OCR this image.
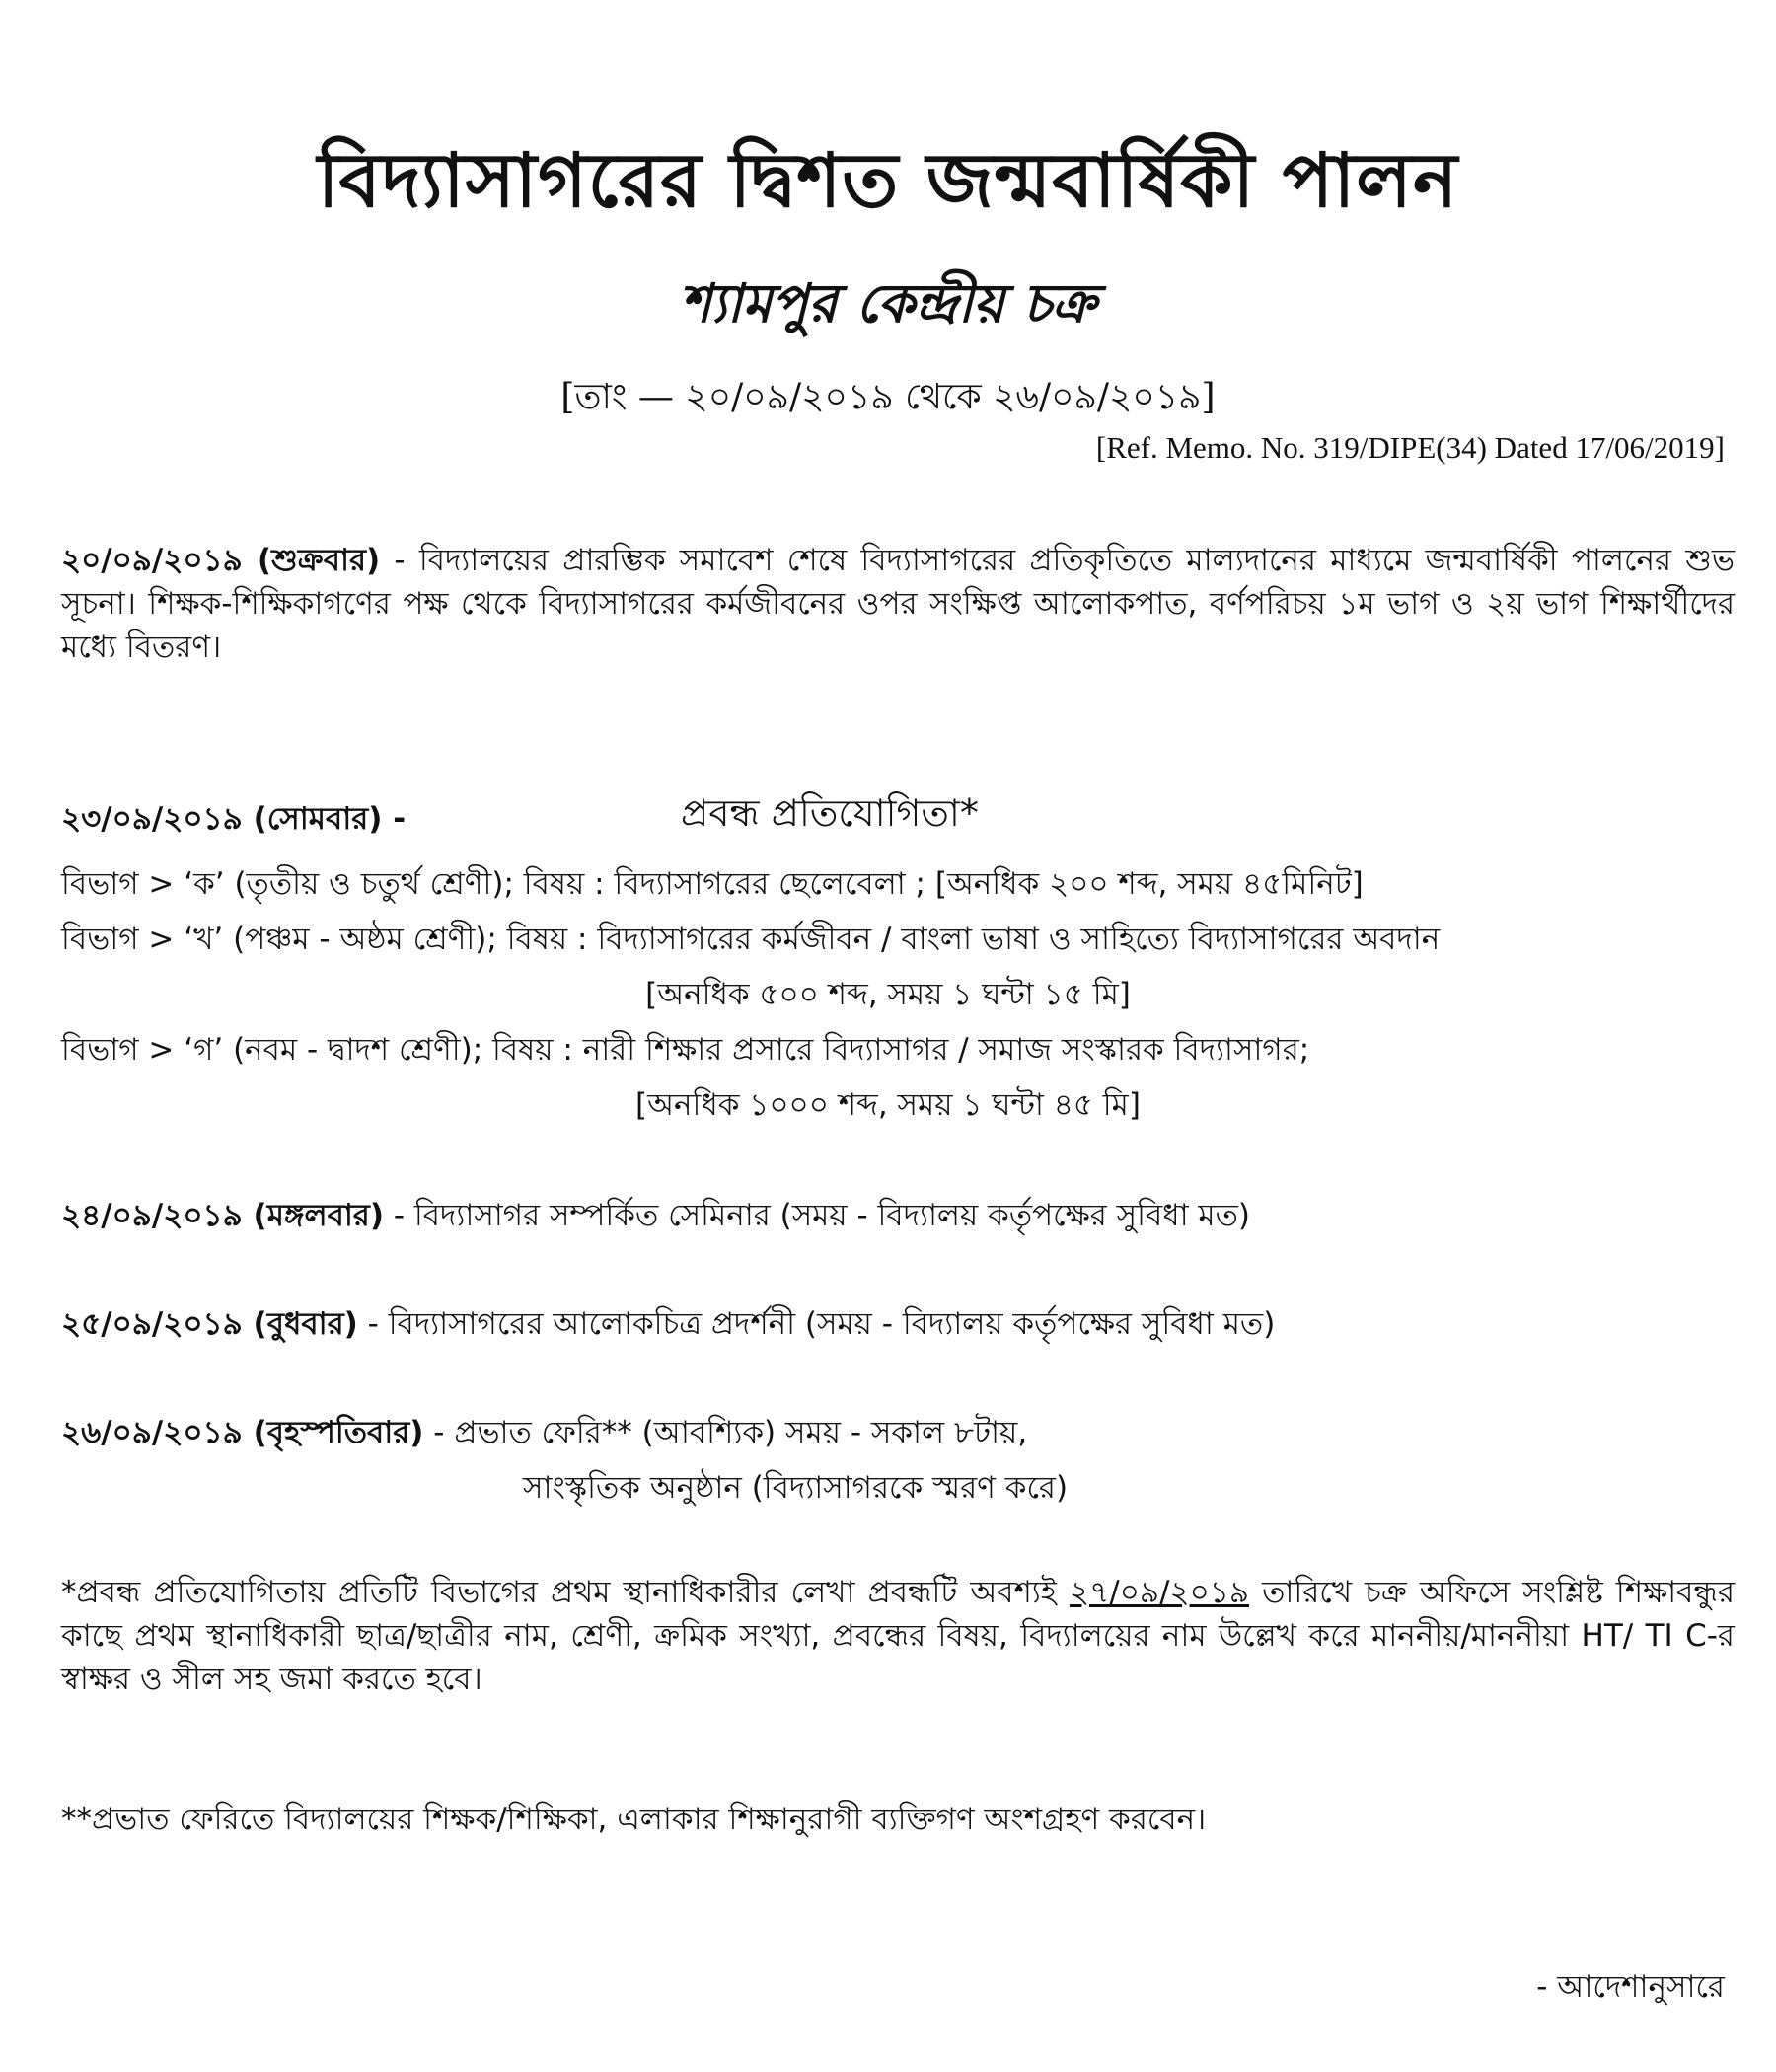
বিদ্যাসাগরের দ্বিশত জন্মবার্ষিকী পালন
শ্যামপুর কেন্দ্রীয় চক্র
[তাং — ২০/০৯/২০১৯ থেকে ২৬/০৯/২০১৯]
[Ref. Memo. No. 319/DIPE(34) Dated 17/06/2019]
২০/০৯/২০১৯ (শুক্রবার) - বিদ্যালয়ের প্রারম্ভিক সমাবেশ শেষে বিদ্যাসাগরের প্রতিকৃতিতে মাল্যদানের মাধ্যমে জন্মবার্ষিকী পালনের শুভ সূচনা। শিক্ষক-শিক্ষিকাগণের পক্ষ থেকে বিদ্যাসাগরের কর্মজীবনের ওপর সংক্ষিপ্ত আলোকপাত, বর্ণপরিচয় ১ম ভাগ ও ২য় ভাগ শিক্ষার্থীদের মধ্যে বিতরণ।
২৩/০৯/২০১৯ (সোমবার) -	প্রবন্ধ প্রতিযোগিতা*
বিভাগ > ‘ক’ (তৃতীয় ও চতুর্থ শ্রেণী); বিষয় : বিদ্যাসাগরের ছেলেবেলা ; [অনধিক ২০০ শব্দ, সময় ৪৫মিনিট]
বিভাগ > ‘খ’ (পঞ্চম - অষ্ঠম শ্রেণী); বিষয় : বিদ্যাসাগরের কর্মজীবন / বাংলা ভাষা ও সাহিত্যে বিদ্যাসাগরের অবদান
[অনধিক ৫০০ শব্দ, সময় ১ ঘন্টা ১৫ মি]
বিভাগ > ‘গ’ (নবম - দ্বাদশ শ্রেণী); বিষয় : নারী শিক্ষার প্রসারে বিদ্যাসাগর / সমাজ সংস্কারক বিদ্যাসাগর;
[অনধিক ১০০০ শব্দ, সময় ১ ঘন্টা ৪৫ মি]
২৪/০৯/২০১৯ (মঙ্গলবার) - বিদ্যাসাগর সম্পর্কিত সেমিনার (সময় - বিদ্যালয় কর্তৃপক্ষের সুবিধা মত)
২৫/০৯/২০১৯ (বুধবার) - বিদ্যাসাগরের আলোকচিত্র প্রদর্শনী (সময় - বিদ্যালয় কর্তৃপক্ষের সুবিধা মত)
২৬/০৯/২০১৯ (বৃহস্পতিবার) - প্রভাত ফেরি** (আবশ্যিক) সময় - সকাল ৮টায়,
সাংস্কৃতিক অনুষ্ঠান (বিদ্যাসাগরকে স্মরণ করে)
*প্রবন্ধ প্রতিযোগিতায় প্রতিটি বিভাগের প্রথম স্থানাধিকারীর লেখা প্রবন্ধটি অবশ্যই ২৭/০৯/২০১৯ তারিখে চক্র অফিসে সংশ্লিষ্ট শিক্ষাবন্ধুর কাছে প্রথম স্থানাধিকারী ছাত্র/ছাত্রীর নাম, শ্রেণী, ক্রমিক সংখ্যা, প্রবন্ধের বিষয়, বিদ্যালয়ের নাম উল্লেখ করে মাননীয়/মাননীয়া HT/ TI C-র স্বাক্ষর ও সীল সহ জমা করতে হবে।
**প্রভাত ফেরিতে বিদ্যালয়ের শিক্ষক/শিক্ষিকা, এলাকার শিক্ষানুরাগী ব্যক্তিগণ অংশগ্রহণ করবেন।
- আদেশানুসারে
